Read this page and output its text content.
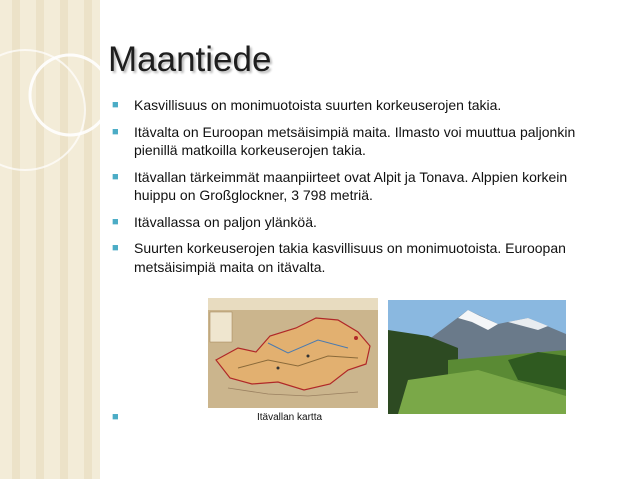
Maantiede
■ Kasvillisuus on monimuotoista suurten korkeuserojen takia.
■ Itävalta on Euroopan metsäisimpiä maita. Ilmasto voi muuttua paljonkin pienillä matkoilla korkeuserojen takia.
■ Itävallan tärkeimmät maanpiirteet ovat Alpit ja Tonava. Alppien korkein huippu on Großglockner, 3 798 metriä.
■ Itävallassa on paljon ylänköä.
■ Suurten korkeuserojen takia kasvillisuus on monimuotoista. Euroopan metsäisimpiä maita on itävalta.
■	Itävallan kartta
